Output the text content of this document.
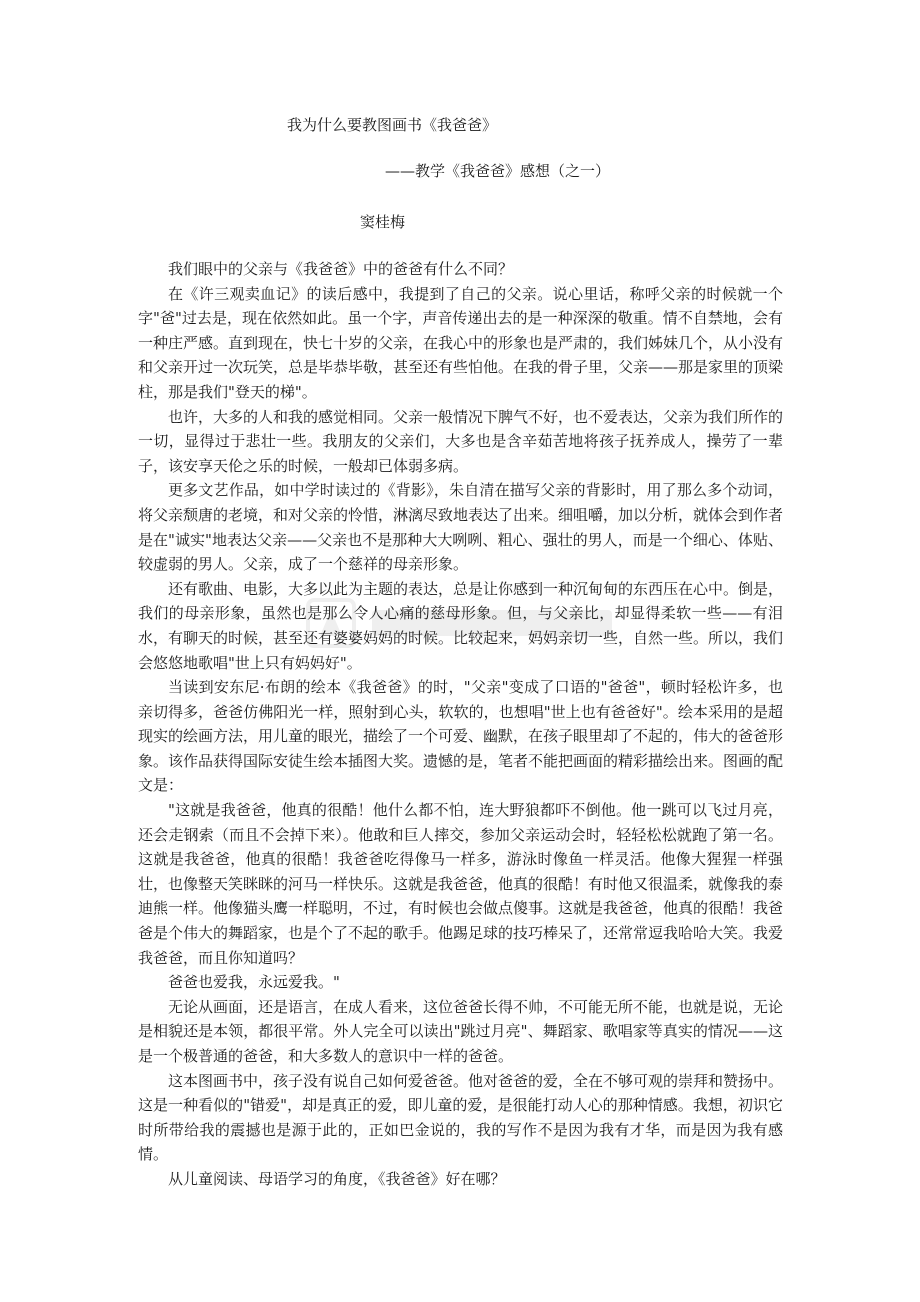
我为什么要教图画书《我爸爸》
——教学《我爸爸》感想（之一）
窦桂梅

我们眼中的父亲与《我爸爸》中的爸爸有什么不同？

在《许三观卖血记》的读后感中，我提到了自己的父亲。说心里话，称呼父亲的时候就一个字"爸"过去是，现在依然如此。虽一个字，声音传递出去的是一种深深的敬重。情不自禁地，会有一种庄严感。直到现在，快七十岁的父亲，在我心中的形象也是严肃的，我们姊妹几个，从小没有和父亲开过一次玩笑，总是毕恭毕敬，甚至还有些怕他。在我的骨子里，父亲——那是家里的顶梁柱，那是我们"登天的梯"。

也许，大多的人和我的感觉相同。父亲一般情况下脾气不好，也不爱表达，父亲为我们所作的一切，显得过于悲壮一些。我朋友的父亲们，大多也是含辛茹苦地将孩子抚养成人，操劳了一辈子，该安享天伦之乐的时候，一般却已体弱多病。

更多文艺作品，如中学时读过的《背影》，朱自清在描写父亲的背影时，用了那么多个动词，将父亲颓唐的老境，和对父亲的怜惜，淋漓尽致地表达了出来。细咀嚼，加以分析，就体会到作者是在"诚实"地表达父亲——父亲也不是那种大大咧咧、粗心、强壮的男人，而是一个细心、体贴、较虚弱的男人。父亲，成了一个慈祥的母亲形象。

还有歌曲、电影，大多以此为主题的表达，总是让你感到一种沉甸甸的东西压在心中。倒是，我们的母亲形象，虽然也是那么令人心痛的慈母形象。但，与父亲比，却显得柔软一些——有泪水，有聊天的时候，甚至还有婆婆妈妈的时候。比较起来，妈妈亲切一些，自然一些。所以，我们会悠悠地歌唱"世上只有妈妈好"。

当读到安东尼·布朗的绘本《我爸爸》的时，"父亲"变成了口语的"爸爸"，顿时轻松许多，也亲切得多，爸爸仿佛阳光一样，照射到心头，软软的，也想唱"世上也有爸爸好"。绘本采用的是超现实的绘画方法，用儿童的眼光，描绘了一个可爱、幽默，在孩子眼里却了不起的，伟大的爸爸形象。该作品获得国际安徒生绘本插图大奖。遗憾的是，笔者不能把画面的精彩描绘出来。图画的配文是：

"这就是我爸爸，他真的很酷！他什么都不怕，连大野狼都吓不倒他。他一跳可以飞过月亮，还会走钢索（而且不会掉下来）。他敢和巨人摔交，参加父亲运动会时，轻轻松松就跑了第一名。这就是我爸爸，他真的很酷！我爸爸吃得像马一样多，游泳时像鱼一样灵活。他像大猩猩一样强壮，也像整天笑眯眯的河马一样快乐。这就是我爸爸，他真的很酷！有时他又很温柔，就像我的泰迪熊一样。他像猫头鹰一样聪明，不过，有时候也会做点傻事。这就是我爸爸，他真的很酷！我爸爸是个伟大的舞蹈家，也是个了不起的歌手。他踢足球的技巧棒呆了，还常常逗我哈哈大笑。我爱我爸爸，而且你知道吗？

爸爸也爱我，永远爱我。"

无论从画面，还是语言，在成人看来，这位爸爸长得不帅，不可能无所不能，也就是说，无论是相貌还是本领，都很平常。外人完全可以读出"跳过月亮"、舞蹈家、歌唱家等真实的情况——这是一个极普通的爸爸，和大多数人的意识中一样的爸爸。

这本图画书中，孩子没有说自己如何爱爸爸。他对爸爸的爱，全在不够可观的崇拜和赞扬中。这是一种看似的"错爱"，却是真正的爱，即儿童的爱，是很能打动人心的那种情感。我想，初识它时所带给我的震撼也是源于此的，正如巴金说的，我的写作不是因为我有才华，而是因为我有感情。

从儿童阅读、母语学习的角度，《我爸爸》好在哪？
